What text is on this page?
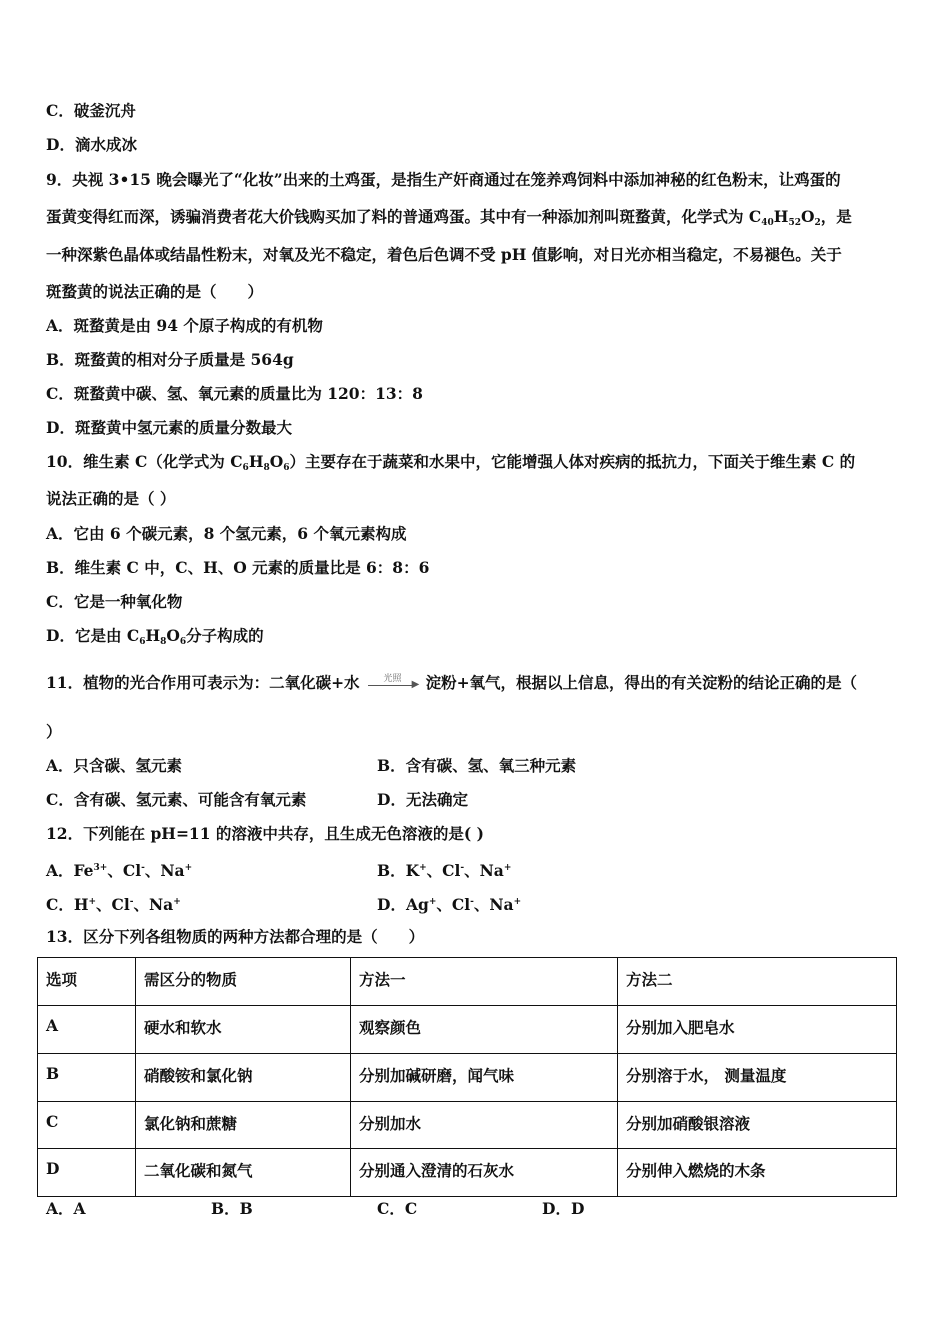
C．破釜沉舟
D．滴水成冰
9．央视 3•15 晚会曝光了“化妆”出来的土鸡蛋，是指生产奸商通过在笼养鸡饲料中添加神秘的红色粉末，让鸡蛋的
蛋黄变得红而深，诱骗消费者花大价钱购买加了料的普通鸡蛋。其中有一种添加剂叫斑蝥黄，化学式为 $C_{40}H_{52}O_2$，是
一种深紫色晶体或结晶性粉末，对氧及光不稳定，着色后色调不受 pH 值影响，对日光亦相当稳定，不易褪色。关于
斑蝥黄的说法正确的是（　　）
A．斑蝥黄是由 94 个原子构成的有机物
B．斑蝥黄的相对分子质量是 564g
C．斑蝥黄中碳、氢、氧元素的质量比为 120：13：8
D．斑蝥黄中氢元素的质量分数最大
10．维生素 C（化学式为 $C_6H_8O_6$）主要存在于蔬菜和水果中，它能增强人体对疾病的抵抗力，下面关于维生素 C 的
说法正确的是（ ）
A．它由 6 个碳元素，8 个氢元素，6 个氧元素构成
B．维生素 C 中，C、H、O 元素的质量比是 6：8：6
C．它是一种氧化物
D．它是由 $C_6H_8O_6$分子构成的
11．植物的光合作用可表示为：二氧化碳+水	光照	▶ 淀粉+氧气，根据以上信息，得出的有关淀粉的结论正确的是（
）
A．只含碳、氢元素	B．含有碳、氢、氧三种元素
C．含有碳、氢元素、可能含有氧元素	D．无法确定
12．下列能在 pH=11 的溶液中共存，且生成无色溶液的是( )
A．$Fe^{3+}$、Cl-、Na+	B．K+、Cl-、Na+
C．H+、Cl-、Na+	D．Ag+、Cl-、Na+
13．区分下列各组物质的两种方法都合理的是（　　）
选项	需区分的物质	方法一	方法二
A	硬水和软水	观察颜色	分别加入肥皂水
B	硝酸铵和氯化钠	分别加碱研磨，闻气味	分别溶于水， 测量温度
C	氯化钠和蔗糖	分别加水	分别加硝酸银溶液
D	二氧化碳和氮气	分别通入澄清的石灰水	分别伸入燃烧的木条
A．A	B．B	C．C	D．D
